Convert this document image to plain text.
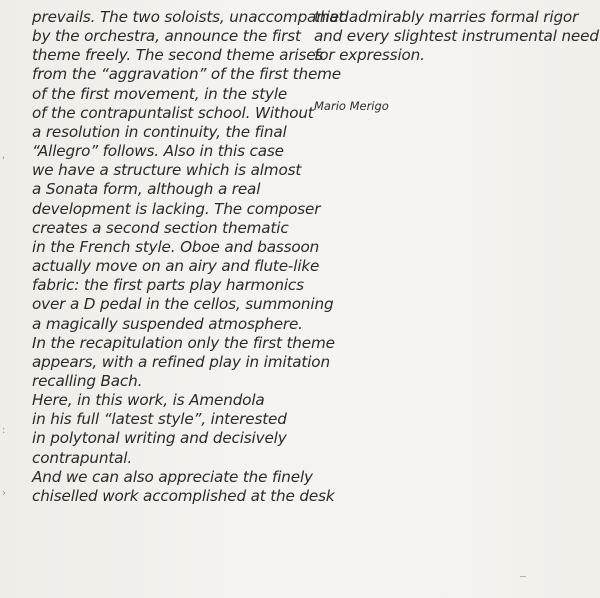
prevails. The two soloists, unaccompanied
by the orchestra, announce the first
theme freely. The second theme arises
from the “aggravation” of the first theme
of the first movement, in the style
of the contrapuntalist school. Without
a resolution in continuity, the final
“Allegro” follows. Also in this case
we have a structure which is almost
a Sonata form, although a real
development is lacking. The composer
creates a second section thematic
in the French style. Oboe and bassoon
actually move on an airy and flute-like
fabric: the first parts play harmonics
over a D pedal in the cellos, summoning
a magically suspended atmosphere.
In the recapitulation only the first theme
appears, with a refined play in imitation
recalling Bach.
Here, in this work, is Amendola
in his full “latest style”, interested
in polytonal writing and decisively
contrapuntal.
And we can also appreciate the finely
chiselled work accomplished at the desk
that admirably marries formal rigor
and every slightest instrumental need
for expression.
Mario Merigo
,
:
›
